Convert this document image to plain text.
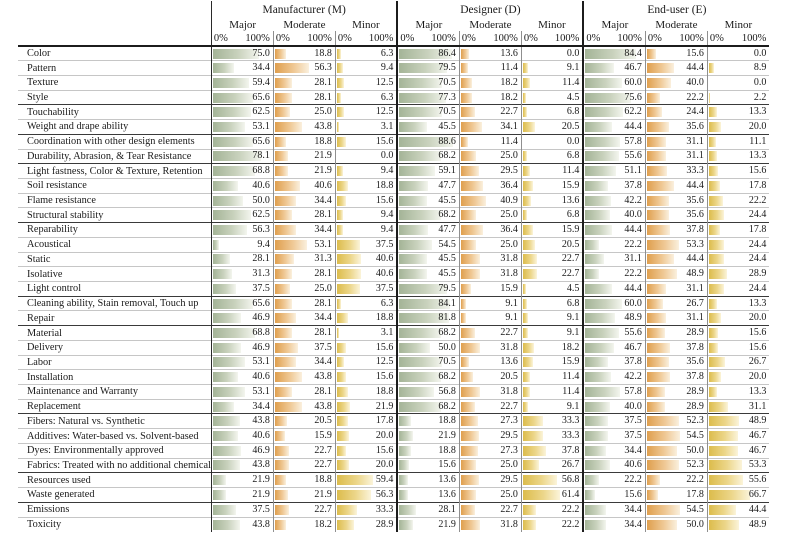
	Manufacturer (M)			Designer (D)			End-user (E)		
	Major	Moderate	Minor	Major	Moderate	Minor	Major	Moderate	Minor

	0% 100%	0% 100%	0% 100%	0% 100%	0% 100%	0% 100%	0% 100%	0% 100%	0% 100%

Color	75.0	18.8	6.3	86.4	13.6	0.0	84.4	15.6	0.0

Pattern	34.4	56.3	9.4	79.5	11.4	9.1	46.7	44.4	8.9

Texture	59.4	28.1	12.5	70.5	18.2	11.4	60.0	40.0	0.0

Style	65.6	28.1	6.3	77.3	18.2	4.5	75.6	22.2	2.2

Touchability	62.5	25.0	12.5	70.5	22.7	6.8	62.2	24.4	13.3

Weight and drape ability	53.1	43.8	3.1	45.5	34.1	20.5	44.4	35.6	20.0

Coordination with other design elements	65.6	18.8	15.6	88.6	11.4	0.0	57.8	31.1	11.1

Durability, Abrasion, & Tear Resistance	78.1	21.9	0.0	68.2	25.0	6.8	55.6	31.1	13.3

Light fastness, Color & Texture, Retention	68.8	21.9	9.4	59.1	29.5	11.4	51.1	33.3	15.6

Soil resistance	40.6	40.6	18.8	47.7	36.4	15.9	37.8	44.4	17.8

Flame resistance	50.0	34.4	15.6	45.5	40.9	13.6	42.2	35.6	22.2

Structural stability	62.5	28.1	9.4	68.2	25.0	6.8	40.0	35.6	24.4

Reparability	56.3	34.4	9.4	47.7	36.4	15.9	44.4	37.8	17.8

Acoustical	9.4	53.1	37.5	54.5	25.0	20.5	22.2	53.3	24.4

Static	28.1	31.3	40.6	45.5	31.8	22.7	31.1	44.4	24.4

Isolative	31.3	28.1	40.6	45.5	31.8	22.7	22.2	48.9	28.9

Light control	37.5	25.0	37.5	79.5	15.9	4.5	44.4	31.1	24.4

Cleaning ability, Stain removal, Touch up	65.6	28.1	6.3	84.1	9.1	6.8	60.0	26.7	13.3

Repair	46.9	34.4	18.8	81.8	9.1	9.1	48.9	31.1	20.0

Material	68.8	28.1	3.1	68.2	22.7	9.1	55.6	28.9	15.6

Delivery	46.9	37.5	15.6	50.0	31.8	18.2	46.7	37.8	15.6

Labor	53.1	34.4	12.5	70.5	13.6	15.9	37.8	35.6	26.7

Installation	40.6	43.8	15.6	68.2	20.5	11.4	42.2	37.8	20.0

Maintenance and Warranty	53.1	28.1	18.8	56.8	31.8	11.4	57.8	28.9	13.3

Replacement	34.4	43.8	21.9	68.2	22.7	9.1	40.0	28.9	31.1

Fibers: Natural vs. Synthetic	43.8	20.5	17.8	18.8	27.3	33.3	37.5	52.3	48.9

Additives: Water-based vs. Solvent-based	40.6	15.9	20.0	21.9	29.5	33.3	37.5	54.5	46.7

Dyes: Environmentally approved	46.9	22.7	15.6	18.8	27.3	37.8	34.4	50.0	46.7

Fabrics: Treated with no additional chemical	43.8	22.7	20.0	15.6	25.0	26.7	40.6	52.3	53.3

Resources used	21.9	18.8	59.4	13.6	29.5	56.8	22.2	22.2	55.6

Waste generated	21.9	21.9	56.3	13.6	25.0	61.4	15.6	17.8	66.7

Emissions	37.5	22.7	33.3	28.1	22.7	22.2	34.4	54.5	44.4

Toxicity	43.8	18.2	28.9	21.9	31.8	22.2	34.4	50.0	48.9
